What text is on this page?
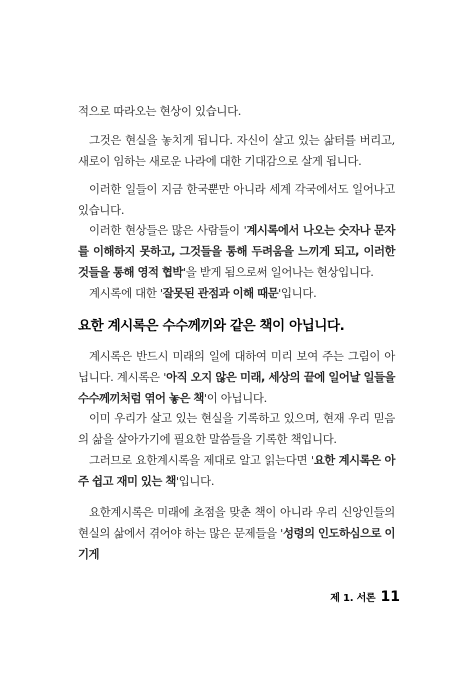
적으로 따라오는 현상이 있습니다.

그것은 현실을 놓치게 됩니다. 자신이 살고 있는 삶터를 버리고, 새로이 임하는 새로운 나라에 대한 기대감으로 살게 됩니다.

이러한 일들이 지금 한국뿐만 아니라 세계 각국에서도 일어나고 있습니다.

이러한 현상들은 많은 사람들이 '계시록에서 나오는 숫자나 문자를 이해하지 못하고, 그것들을 통해 두려움을 느끼게 되고, 이러한 것들을 통해 영적 협박'을 받게 됨으로써 일어나는 현상입니다.

계시록에 대한 '잘못된 관점과 이해 때문'입니다.

요한 계시록은 수수께끼와 같은 책이 아닙니다.

계시록은 반드시 미래의 일에 대하여 미리 보여 주는 그림이 아닙니다. 계시록은 '아직 오지 않은 미래, 세상의 끝에 일어날 일들을 수수께끼처럼 엮어 놓은 책'이 아닙니다.

이미 우리가 살고 있는 현실을 기록하고 있으며, 현재 우리 믿음의 삶을 살아가기에 필요한 말씀들을 기록한 책입니다.

그러므로 요한계시록을 제대로 알고 읽는다면 '요한 계시록은 아주 쉽고 재미 있는 책'입니다.

요한계시록은 미래에 초점을 맞춘 책이 아니라 우리 신앙인들의 현실의 삶에서 겪어야 하는 많은 문제들을 '성령의 인도하심으로 이기게

제 1. 서론 11
